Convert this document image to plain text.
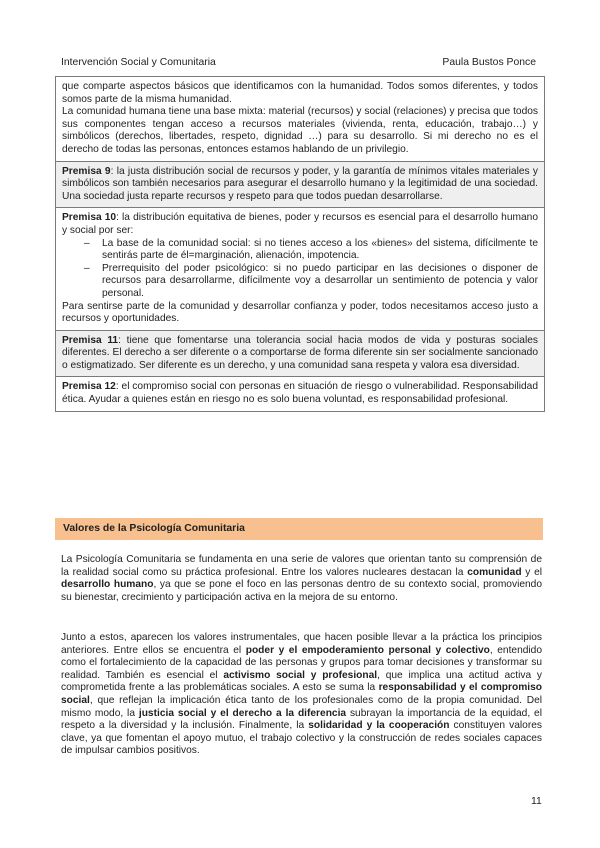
Intervención Social y Comunitaria	Paula Bustos Ponce

que comparte aspectos básicos que identificamos con la humanidad. Todos somos diferentes, y todos somos parte de la misma humanidad.

La comunidad humana tiene una base mixta: material (recursos) y social (relaciones) y precisa que todos sus componentes tengan acceso a recursos materiales (vivienda, renta, educación, trabajo…) y simbólicos (derechos, libertades, respeto, dignidad …) para su desarrollo. Si mi derecho no es el derecho de todas las personas, entonces estamos hablando de un privilegio.

Premisa 9: la justa distribución social de recursos y poder, y la garantía de mínimos vitales materiales y simbólicos son también necesarios para asegurar el desarrollo humano y la legitimidad de una sociedad. Una sociedad justa reparte recursos y respeto para que todos puedan desarrollarse.

Premisa 10: la distribución equitativa de bienes, poder y recursos es esencial para el desarrollo humano y social por ser:

– La base de la comunidad social: si no tienes acceso a los «bienes» del sistema, difícilmente te sentirás parte de él=marginación, alienación, impotencia.
– Prerrequisito del poder psicológico: si no puedo participar en las decisiones o disponer de recursos para desarrollarme, difícilmente voy a desarrollar un sentimiento de potencia y valor personal.

Para sentirse parte de la comunidad y desarrollar confianza y poder, todos necesitamos acceso justo a recursos y oportunidades.

Premisa 11: tiene que fomentarse una tolerancia social hacia modos de vida y posturas sociales diferentes. El derecho a ser diferente o a comportarse de forma diferente sin ser socialmente sancionado o estigmatizado. Ser diferente es un derecho, y una comunidad sana respeta y valora esa diversidad.

Premisa 12: el compromiso social con personas en situación de riesgo o vulnerabilidad. Responsabilidad ética. Ayudar a quienes están en riesgo no es solo buena voluntad, es responsabilidad profesional.

Valores de la Psicología Comunitaria

La Psicología Comunitaria se fundamenta en una serie de valores que orientan tanto su comprensión de la realidad social como su práctica profesional. Entre los valores nucleares destacan la comunidad y el desarrollo humano, ya que se pone el foco en las personas dentro de su contexto social, promoviendo su bienestar, crecimiento y participación activa en la mejora de su entorno.

Junto a estos, aparecen los valores instrumentales, que hacen posible llevar a la práctica los principios anteriores. Entre ellos se encuentra el poder y el empoderamiento personal y colectivo, entendido como el fortalecimiento de la capacidad de las personas y grupos para tomar decisiones y transformar su realidad. También es esencial el activismo social y profesional, que implica una actitud activa y comprometida frente a las problemáticas sociales. A esto se suma la responsabilidad y el compromiso social, que reflejan la implicación ética tanto de los profesionales como de la propia comunidad. Del mismo modo, la justicia social y el derecho a la diferencia subrayan la importancia de la equidad, el respeto a la diversidad y la inclusión. Finalmente, la solidaridad y la cooperación constituyen valores clave, ya que fomentan el apoyo mutuo, el trabajo colectivo y la construcción de redes sociales capaces de impulsar cambios positivos.

11
